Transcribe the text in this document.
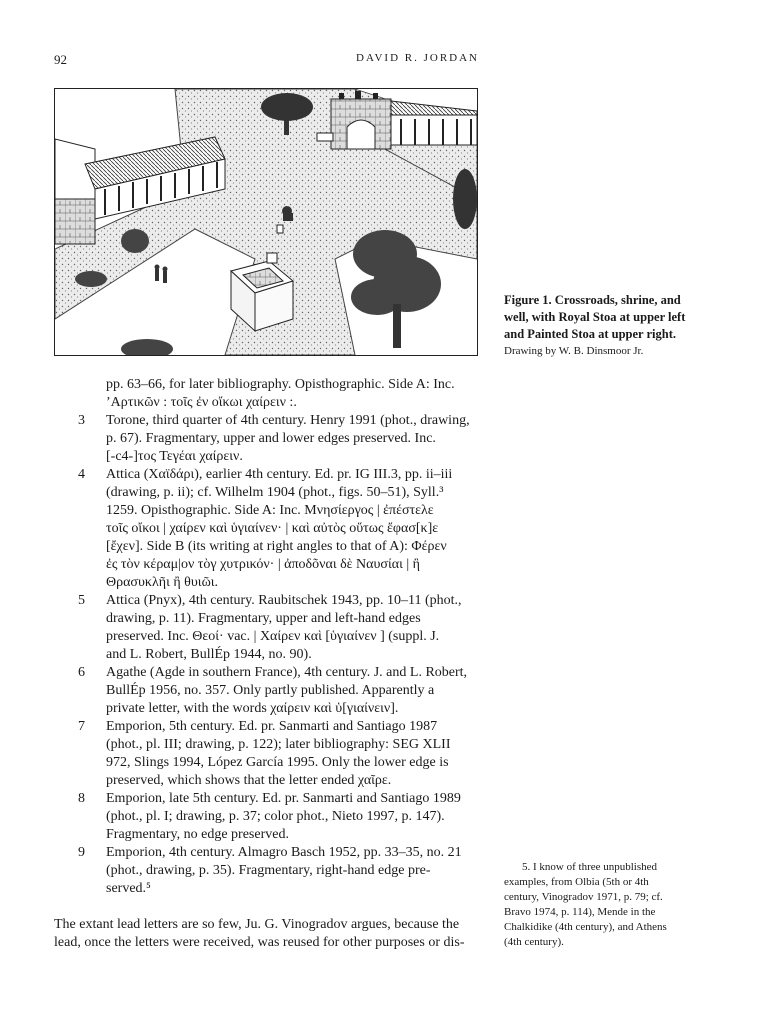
92	DAVID R. JORDAN
Figure 1. Crossroads, shrine, and
well, with Royal Stoa at upper left
and Painted Stoa at upper right.
Drawing by W. B. Dinsmoor Jr.
pp. 63–66, for later bibliography. Opisthographic. Side A: Inc.
’Αρτικῶν : τοῖς ἐν οἴκωι χαίρειν :.
3 Torone, third quarter of 4th century. Henry 1991 (phot., drawing,
p. 67). Fragmentary, upper and lower edges preserved. Inc.
[-c4-]τος Τεγέαι χαίρειν.
4 Attica (Χαϊδάρι), earlier 4th century. Ed. pr. IG III.3, pp. ii–iii
(drawing, p. ii); cf. Wilhelm 1904 (phot., figs. 50–51), Syll.³
1259. Opisthographic. Side A: Inc. Μνησίεργος | ἐπέστελε
τοῖς οἴκοι | χαίρεν καὶ ὑγιαίνεν· | καὶ αὐτὸς οὕτως ἔφασ[κ]ε
[ἔχεν]. Side B (its writing at right angles to that of A): Φέρεν
ἐς τὸν κέραμ|ον τὸγ χυτρικόν· | ἀποδõναι δὲ Ναυσίαι | ἢ
Θρασυκλῆι ἢ θυιῶι.
5 Attica (Pnyx), 4th century. Raubitschek 1943, pp. 10–11 (phot.,
drawing, p. 11). Fragmentary, upper and left-hand edges
preserved. Inc. Θεοί· vac. | Χαίρεν καὶ [ὑγιαίνεν ] (suppl. J.
and L. Robert, BullÉp 1944, no. 90).
6 Agathe (Agde in southern France), 4th century. J. and L. Robert,
BullÉp 1956, no. 357. Only partly published. Apparently a
private letter, with the words χαίρειν καὶ ὑ[γιαίνειν].
7 Emporion, 5th century. Ed. pr. Sanmarti and Santiago 1987
(phot., pl. III; drawing, p. 122); later bibliography: SEG XLII
972, Slings 1994, López García 1995. Only the lower edge is
preserved, which shows that the letter ended χαῖρε.
8 Emporion, late 5th century. Ed. pr. Sanmarti and Santiago 1989
(phot., pl. I; drawing, p. 37; color phot., Nieto 1997, p. 147).
Fragmentary, no edge preserved.
9 Emporion, 4th century. Almagro Basch 1952, pp. 33–35, no. 21
(phot., drawing, p. 35). Fragmentary, right-hand edge pre-
served.⁵
5. I know of three unpublished
examples, from Olbia (5th or 4th
century, Vinogradov 1971, p. 79; cf.
Bravo 1974, p. 114), Mende in the
Chalkidike (4th century), and Athens
(4th century).
The extant lead letters are so few, Ju. G. Vinogradov argues, because the
lead, once the letters were received, was reused for other purposes or dis-
